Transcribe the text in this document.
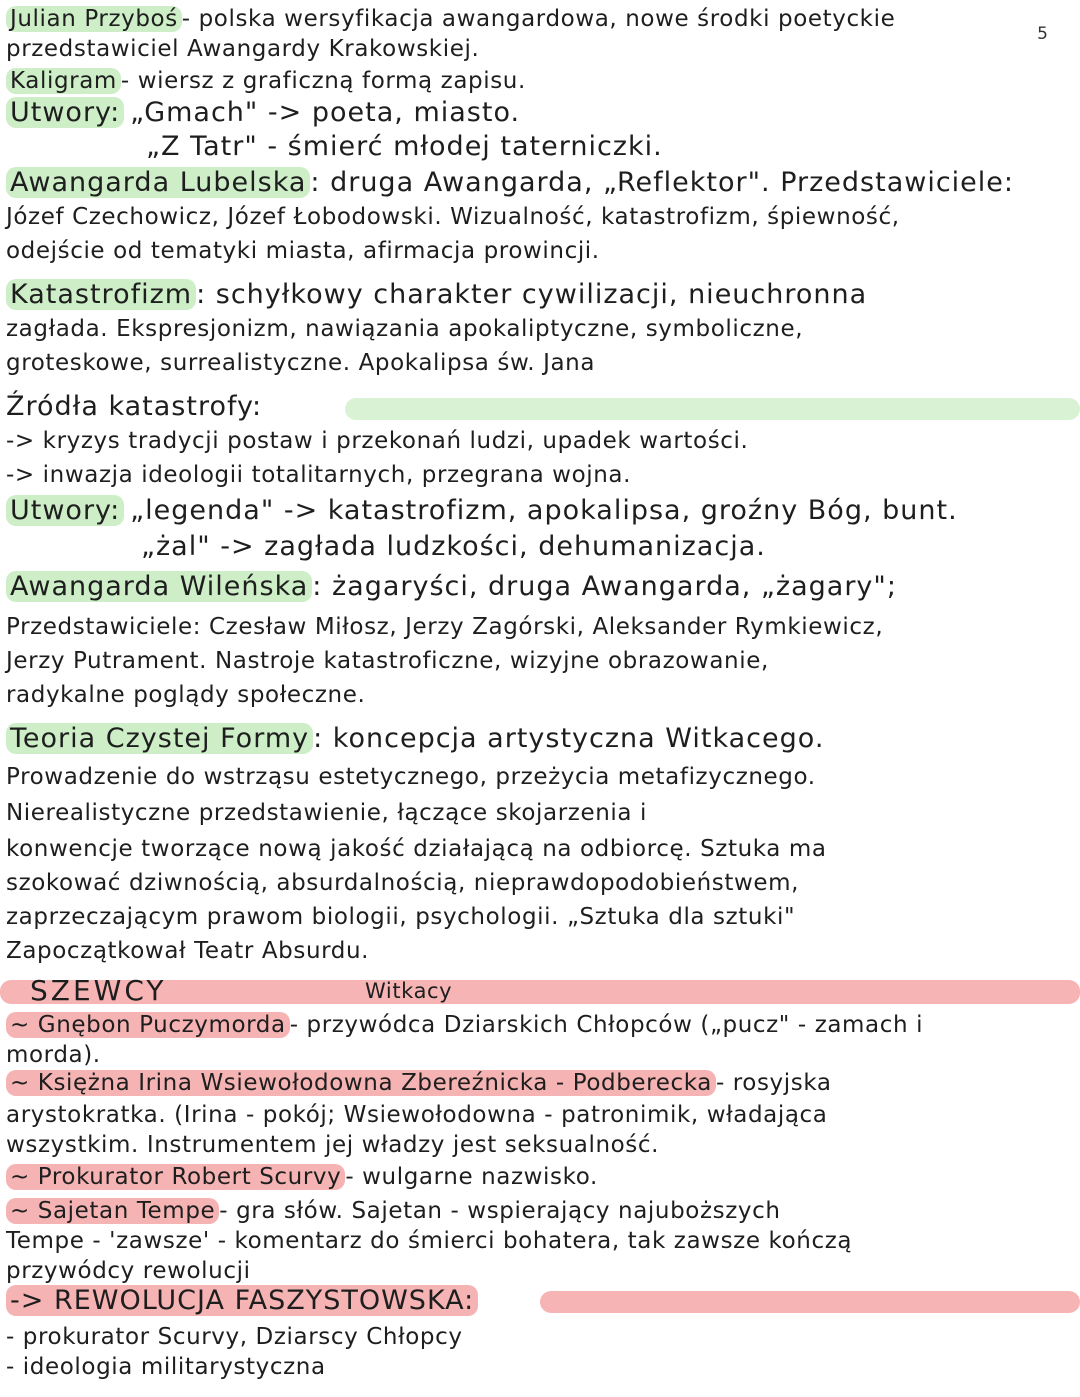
5
Julian Przyboś - polska wersyfikacja awangardowa, nowe środki poetyckie
przedstawiciel Awangardy Krakowskiej.
Kaligram - wiersz z graficzną formą zapisu.
Utwory: „Gmach" -> poeta, miasto.
„Z Tatr" - śmierć młodej taterniczki.
Awangarda Lubelska : druga Awangarda, „Reflektor". Przedstawiciele:
Józef Czechowicz, Józef Łobodowski. Wizualność, katastrofizm, śpiewność,
odejście od tematyki miasta, afirmacja prowincji.
Katastrofizm : schyłkowy charakter cywilizacji, nieuchronna
zagłada. Ekspresjonizm, nawiązania apokaliptyczne, symboliczne,
groteskowe, surrealistyczne. Apokalipsa św. Jana
Źródła katastrofy:
-> kryzys tradycji postaw i przekonań ludzi, upadek wartości.
-> inwazja ideologii totalitarnych, przegrana wojna.
Utwory: „legenda" -> katastrofizm, apokalipsa, groźny Bóg, bunt.
„żal" -> zagłada ludzkości, dehumanizacja.
Awangarda Wileńska : żagaryści, druga Awangarda, „żagary";
Przedstawiciele: Czesław Miłosz, Jerzy Zagórski, Aleksander Rymkiewicz,
Jerzy Putrament. Nastroje katastroficzne, wizyjne obrazowanie,
radykalne poglądy społeczne.
Teoria Czystej Formy : koncepcja artystyczna Witkacego.
Prowadzenie do wstrząsu estetycznego, przeżycia metafizycznego.
Nierealistyczne przedstawienie, łączące skojarzenia i
konwencje tworzące nową jakość działającą na odbiorcę. Sztuka ma
szokować dziwnością, absurdalnością, nieprawdopodobieństwem,
zaprzeczającym prawom biologii, psychologii. „Sztuka dla sztuki"
Zapoczątkował Teatr Absurdu.
SZEWCY	Witkacy
~ Gnębon Puczymorda - przywódca Dziarskich Chłopców („pucz" - zamach i
morda).
~ Księżna Irina Wsiewołodowna Zbereźnicka - Podberecka - rosyjska
arystokratka. (Irina - pokój; Wsiewołodowna - patronimik, władająca
wszystkim. Instrumentem jej władzy jest seksualność.
~ Prokurator Robert Scurvy - wulgarne nazwisko.
~ Sajetan Tempe - gra słów. Sajetan - wspierający najuboższych
Tempe - 'zawsze' - komentarz do śmierci bohatera, tak zawsze kończą
przywódcy rewolucji
-> REWOLUCJA FASZYSTOWSKA:
- prokurator Scurvy, Dziarscy Chłopcy
- ideologia militarystyczna
